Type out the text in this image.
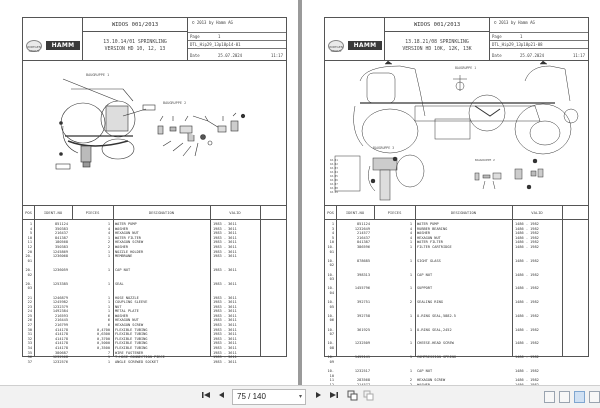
WIRTGEN GROUP
HAMM
WIDOS 001/2013
13.10.14/01 SPRINKLING
VERSION HD 10, 12, 13
© 2013 by Hamm AG
Page	1
DTL_Hip29_13p18p14-01
Date	25.07.2024	11:17
BAUGRUPPE 1
BAUGRUPPE 2
POS	IDENT-NO	PIECES	DESIGNATION	VALID
1	851124	1 WATER PUMP	1983 - 3611
4	350383	4 WASHER	1983 - 3611
5	216437	4 HEXAGON NUT	1983 - 3611
10	841387	1 WATER FILTER	1983 - 3611
11	180568	2 HEXAGON SCREW	1983 - 3611
12	350383	2 WASHER	1983 - 3611
20	1245869	1 NOZZLE HOLDER	1983 - 3611
20.	1236068	1 MEMBRANE	1983 - 3611
01
20.	1236059	1 CAP NUT	1983 - 3611
02
20.	1253385	1 SEAL	1983 - 3611
03
21	1246879	1 HOSE NOZZLE	1983 - 3611
22	1245982	1 COUPLING SLEEVE	1983 - 3611
23	1232379	1 NUT	1983 - 3611
24	1492384	1 METAL PLATE	1983 - 3611
25	216593	6 WASHER	1983 - 3611
26	216445	6 HEXAGON NUT	1983 - 3611
27	216799	6 HEXAGON SCREW	1983 - 3611
30	414178	0,4700 FLEXIBLE TUBING	1983 - 3611
31	414178	0,6300 FLEXIBLE TUBING	1983 - 3611
32	414178	0,3700 FLEXIBLE TUBING	1983 - 3611
33	414178	0,5000 FLEXIBLE TUBING	1983 - 3611
34	414178	0,3500 FLEXIBLE TUBING	1983 - 3611
35	380687	7 WIRE FASTENER	1983 - 3611
36	1232568	1 T-HOSE CONNECTION PIECE	1983 - 3611
37	1232576	1 ANGLE SCREWED SOCKET	1983 - 3611
WIRTGEN GROUP
HAMM
WIDOS 001/2013
13.18.21/08 SPRINKLING
VERSION HD 10K, 12K, 13K
© 2013 by Hamm AG
Page	1
DTL_Hip29_13p18p21-08
Date	25.07.2024	11:17
BAUGRUPPE 1
BAUGRUPPE 3
BAUGRUPPE 2
10.01
10.02
10.03
10.04
10.05
10.06
10.07
10.08
10.09
POS	IDENT-NO	PIECES	DESIGNATION	VALID
1	851124	1 WATER PUMP	1486 - 1982
3	1232649	4 RUBBER BEARING	1486 - 1982
4	214577	4 WASHER	1486 - 1982
5	216437	4 HEXAGON NUT	1486 - 1982
10	841387	1 WATER FILTER	1486 - 1982
10.	386596	1 FILTER CARTRIDGE	1486 - 1982
01
10.	878685	1 SIGHT GLASS	1486 - 1982
02
10.	398313	1 CAP NUT	1486 - 1982
03
10.	1455796	1 SUPPORT	1486 - 1982
04
10.	392751	2 SEALING RING	1486 - 1982
05
10.	392758	1 O-RING SEAL,5882.5	1486 - 1982
06
10.	361925	1 O-RING SEAL,2452	1486 - 1982
07
10.	1232509	1 CHEESE-HEAD SCREW	1486 - 1982
08
10.	1455141	1 COMPRESSION SPRING	1486 - 1982
09
10.	1232517	1 CAP NUT	1486 - 1982
10
11	283568	2 HEXAGON SCREW	1486 - 1982
75 / 140	▾
